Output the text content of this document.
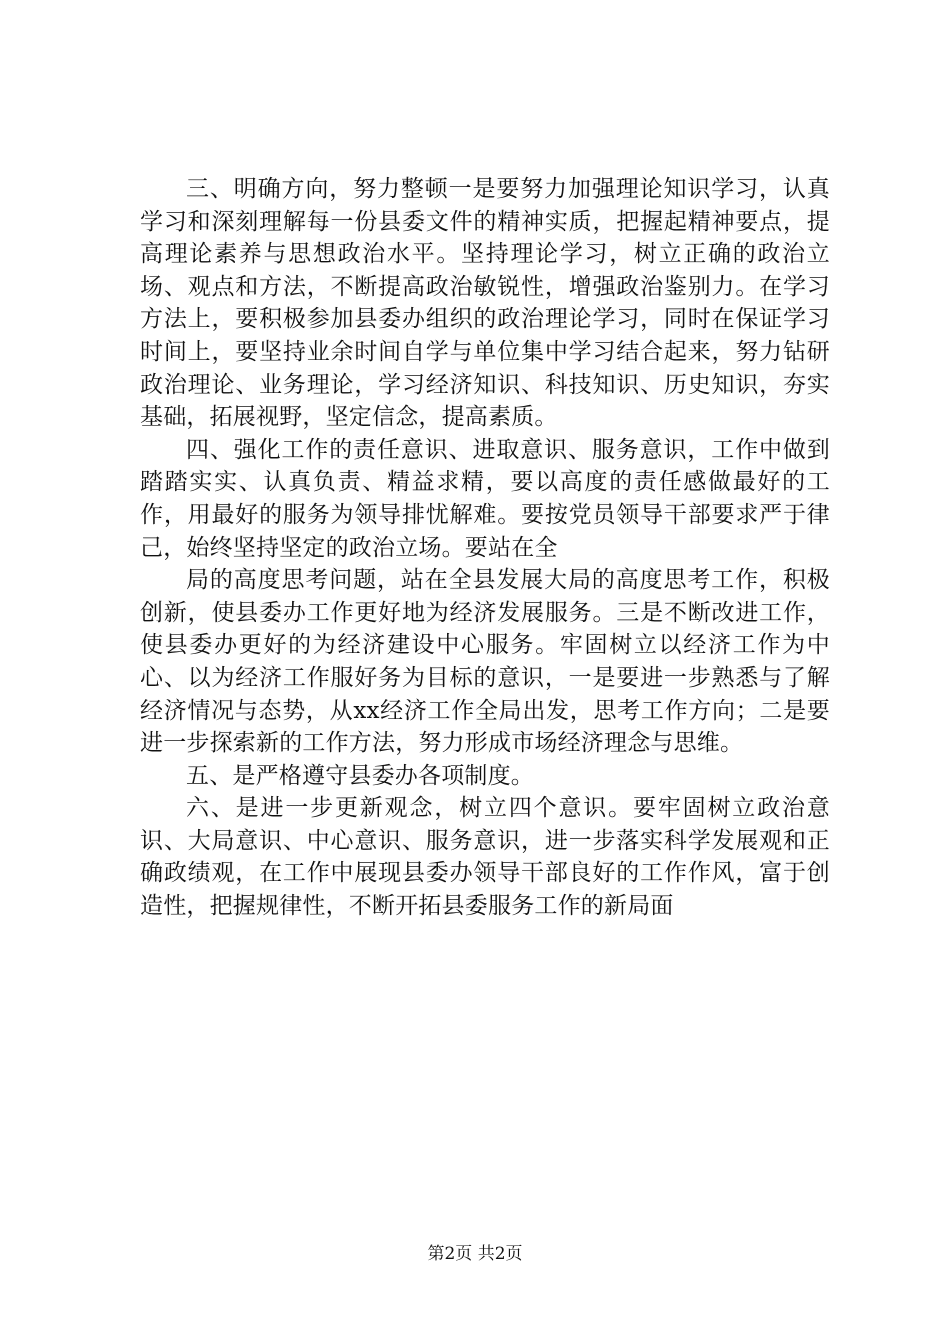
三、明确方向，努力整顿一是要努力加强理论知识学习，认真学习和深刻理解每一份县委文件的精神实质，把握起精神要点，提高理论素养与思想政治水平。坚持理论学习，树立正确的政治立场、观点和方法，不断提高政治敏锐性，增强政治鉴别力。在学习方法上，要积极参加县委办组织的政治理论学习，同时在保证学习时间上，要坚持业余时间自学与单位集中学习结合起来，努力钻研政治理论、业务理论，学习经济知识、科技知识、历史知识，夯实基础，拓展视野，坚定信念，提高素质。

四、强化工作的责任意识、进取意识、服务意识，工作中做到踏踏实实、认真负责、精益求精，要以高度的责任感做最好的工作，用最好的服务为领导排忧解难。要按党员领导干部要求严于律己，始终坚持坚定的政治立场。要站在全

局的高度思考问题，站在全县发展大局的高度思考工作，积极创新，使县委办工作更好地为经济发展服务。三是不断改进工作，使县委办更好的为经济建设中心服务。牢固树立以经济工作为中心、以为经济工作服好务为目标的意识，一是要进一步熟悉与了解经济情况与态势，从xx经济工作全局出发，思考工作方向；二是要进一步探索新的工作方法，努力形成市场经济理念与思维。

五、是严格遵守县委办各项制度。

六、是进一步更新观念，树立四个意识。要牢固树立政治意识、大局意识、中心意识、服务意识，进一步落实科学发展观和正确政绩观，在工作中展现县委办领导干部良好的工作作风，富于创造性，把握规律性，不断开拓县委服务工作的新局面

第2页 共2页
